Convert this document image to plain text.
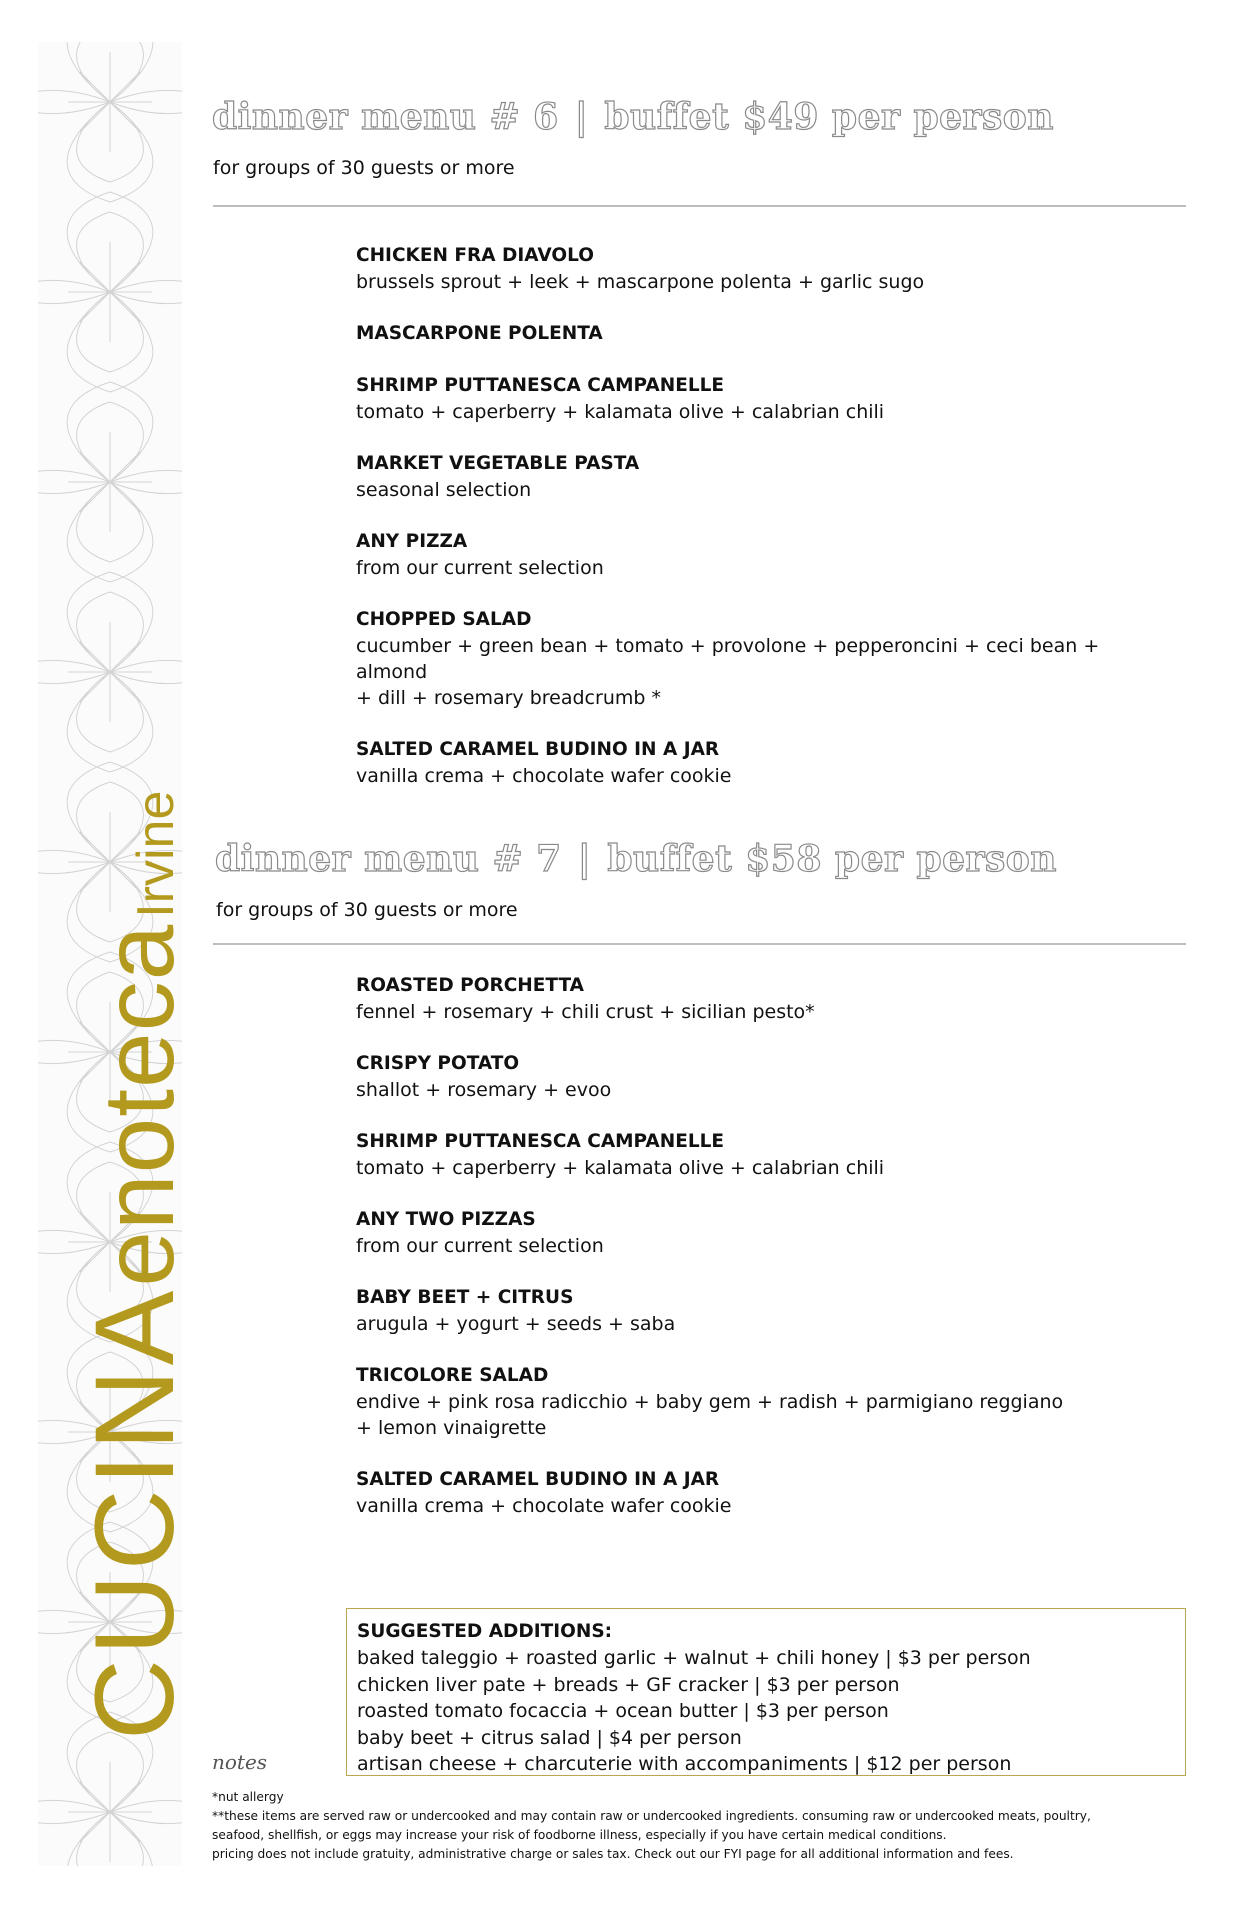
CUCINAenotecaIrvine
dinner menu # 6 | buffet $49 per person
for groups of 30 guests or more
CHICKEN FRA DIAVOLO
brussels sprout + leek + mascarpone polenta + garlic sugo
MASCARPONE POLENTA
SHRIMP PUTTANESCA CAMPANELLE
tomato + caperberry + kalamata olive + calabrian chili
MARKET VEGETABLE PASTA
seasonal selection
ANY PIZZA
from our current selection
CHOPPED SALAD
cucumber + green bean + tomato + provolone + pepperoncini + ceci bean + almond
+ dill + rosemary breadcrumb *
SALTED CARAMEL BUDINO IN A JAR
vanilla crema + chocolate wafer cookie
dinner menu # 7 | buffet $58 per person
for groups of 30 guests or more
ROASTED PORCHETTA
fennel + rosemary + chili crust + sicilian pesto*
CRISPY POTATO
shallot + rosemary + evoo
SHRIMP PUTTANESCA CAMPANELLE
tomato + caperberry + kalamata olive + calabrian chili
ANY TWO PIZZAS
from our current selection
BABY BEET + CITRUS
arugula + yogurt + seeds + saba
TRICOLORE SALAD
endive + pink rosa radicchio + baby gem + radish + parmigiano reggiano
+ lemon vinaigrette
SALTED CARAMEL BUDINO IN A JAR
vanilla crema + chocolate wafer cookie
SUGGESTED ADDITIONS:
baked taleggio + roasted garlic + walnut + chili honey | $3 per person
chicken liver pate + breads + GF cracker | $3 per person
roasted tomato focaccia + ocean butter | $3 per person
baby beet + citrus salad | $4 per person
artisan cheese + charcuterie with accompaniments | $12 per person
notes
*nut allergy
**these items are served raw or undercooked and may contain raw or undercooked ingredients. consuming raw or undercooked meats, poultry,
seafood, shellfish, or eggs may increase your risk of foodborne illness, especially if you have certain medical conditions.
pricing does not include gratuity, administrative charge or sales tax. Check out our FYI page for all additional information and fees.
